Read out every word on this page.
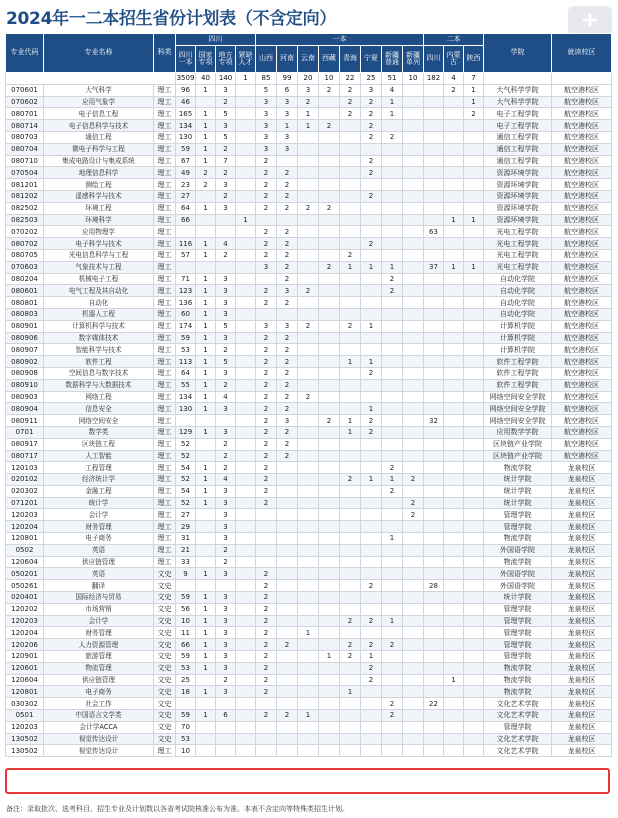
2024年一二本招生省份计划表（不含定向）	+
专业代码	专业名称	科类	四川				一本								二本			学院	就读校区
			四川一本	国家专项	地方专项	紧缺人才	山西	河南	云南	西藏	青海	宁夏	新疆普通	新疆单列	四川	内蒙古	陕西		
			3509	40	140	1	85	99	20	10	22	25	51	10	182	4	7		
070601	大气科学	理工	96	1	3		5	6	3	2	2	3	4			2	1	大气科学学院	航空港校区
070602	应用气象学	理工	46		2		3	3	2		2	2	1				1	大气科学学院	航空港校区
080701	电子信息工程	理工	165	1	5		3	3	1		2	2	1				2	电子工程学院	航空港校区
080714	电子信息科学与技术	理工	134	1	3		3	1	1	2		2						电子工程学院	航空港校区
080703	通信工程	理工	130	1	5		3	3				2	2					通信工程学院	航空港校区
080704	微电子科学与工程	理工	59	1	2		3	3										通信工程学院	航空港校区
080710	集成电路设计与集成系统	理工	67	1	7		2					2						通信工程学院	航空港校区
070504	地理信息科学	理工	49	2	2		2	2				2						资源环境学院	航空港校区
081201	测绘工程	理工	23	2	3		2	2										资源环境学院	航空港校区
081202	遥感科学与技术	理工	27		2		2	2				2						资源环境学院	航空港校区
082502	环境工程	理工	64	1	3		2	2	2	2								资源环境学院	航空港校区
082503	环境科学	理工	66			1										1	1	资源环境学院	航空港校区
070202	应用物理学	理工					2	2							63			光电工程学院	航空港校区
080702	电子科学与技术	理工	116	1	4		2	2				2						光电工程学院	航空港校区
080705	光电信息科学与工程	理工	57	1	2		2	2			2							光电工程学院	航空港校区
070603	气象技术与工程	理工					3	2		2	1	1	1		37	1	1	光电工程学院	航空港校区
080204	机械电子工程	理工	71	1	3			2					2					自动化学院	航空港校区
080601	电气工程及其自动化	理工	123	1	3		2	3	2				2					自动化学院	航空港校区
080801	自动化	理工	136	1	3		2	2										自动化学院	航空港校区
080803	机器人工程	理工	60	1	3													自动化学院	航空港校区
080901	计算机科学与技术	理工	174	1	5		3	3	2		2	1						计算机学院	航空港校区
080906	数字媒体技术	理工	59	1	3		2	2										计算机学院	航空港校区
080907	智能科学与技术	理工	53	1	2		2	2										计算机学院	航空港校区
080902	软件工程	理工	113	1	5		2	2			1	1						软件工程学院	航空港校区
080908	空间信息与数字技术	理工	64	1	3		2	2				2						软件工程学院	航空港校区
080910	数据科学与大数据技术	理工	55	1	2		2	2										软件工程学院	航空港校区
080903	网络工程	理工	134	1	4		2	2	2									网络空间安全学院	航空港校区
080904	信息安全	理工	130	1	3		2	2				1						网络空间安全学院	航空港校区
080911	网络空间安全	理工					2	3		2	1	2			32			网络空间安全学院	航空港校区
0701	数学类	理工	129	1	3		2	2			1	2						应用数学学院	航空港校区
080917	区块链工程	理工	52		2		2	2										区块链产业学院	航空港校区
080717	人工智能	理工	52		2		2	2										区块链产业学院	航空港校区
120103	工程管理	理工	54	1	2		2						2					物流学院	龙泉校区
020102	经济统计学	理工	52	1	4		2				2	1	1	2				统计学院	龙泉校区
020302	金融工程	理工	54	1	3		2						2					统计学院	龙泉校区
071201	统计学	理工	52	1	3		2							2				统计学院	龙泉校区
120203	会计学	理工	27		3									2				管理学院	龙泉校区
120204	财务管理	理工	29		3													管理学院	龙泉校区
120801	电子商务	理工	31		3								1					物流学院	龙泉校区
0502	英语	理工	21		2													外国语学院	龙泉校区
120604	供应链管理	理工	33		2													物流学院	龙泉校区
050201	英语	文史	9	1	3		2											外国语学院	龙泉校区
050261	翻译	文史					2					2			28			外国语学院	龙泉校区
020401	国际经济与贸易	文史	59	1	3		2											统计学院	龙泉校区
120202	市场营销	文史	56	1	3		2											管理学院	龙泉校区
120203	会计学	文史	10	1	3		2				2	2	1					管理学院	龙泉校区
120204	财务管理	文史	11	1	3		2		1									管理学院	龙泉校区
120206	人力资源管理	文史	66	1	3		2	2			2	2	2					管理学院	龙泉校区
120901	旅游管理	文史	59	1	3		2			1	2	1						管理学院	龙泉校区
120601	物流管理	文史	53	1	3		2					2						物流学院	龙泉校区
120604	供应链管理	文史	25		2		2					2				1		物流学院	龙泉校区
120801	电子商务	文史	18	1	3		2				1							物流学院	龙泉校区
030302	社会工作	文史											2		22			文化艺术学院	龙泉校区
0501	中国语言文学类	文史	59	1	6		2	2	1				2					文化艺术学院	龙泉校区
120203	会计学ACCA	文史	70															管理学院	龙泉校区
130502	视觉传达设计	文史	53															文化艺术学院	龙泉校区
130502	视觉传达设计	理工	10															文化艺术学院	龙泉校区
备注：录取批次、选考科目、招生专业及计划数以各省考试院核准公布为准。本表不含定向等特殊类招生计划。
